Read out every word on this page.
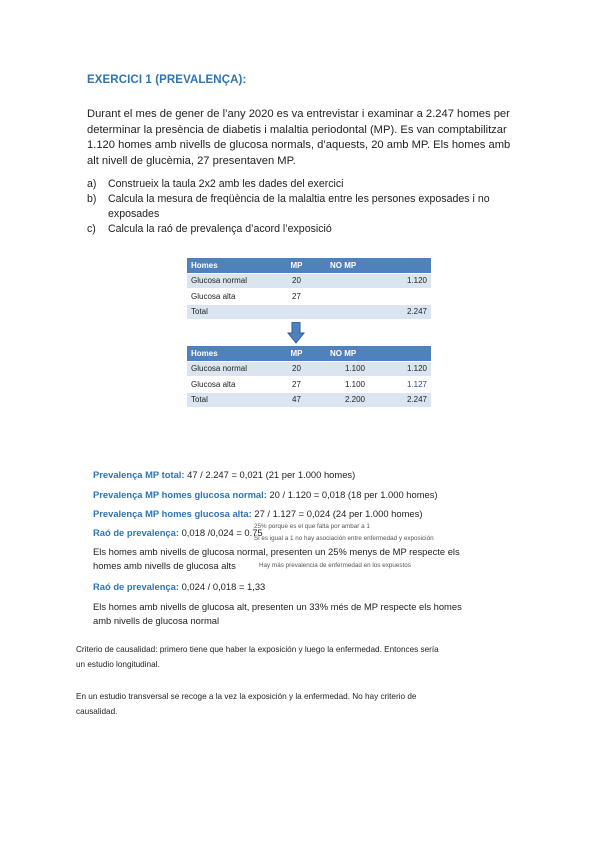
EXERCICI 1 (PREVALENÇA):

Durant el mes de gener de l’any 2020 es va entrevistar i examinar a 2.247 homes per

determinar la presència de diabetis i malaltia periodontal (MP). Es van comptabilitzar

1.120 homes amb nivells de glucosa normals, d’aquests, 20 amb MP. Els homes amb

alt nivell de glucèmia, 27 presentaven MP.

a) Construeix la taula 2x2 amb les dades del exercici
b) Calcula la mesura de freqüència de la malaltia entre les persones exposades i no
exposades
c) Calcula la raó de prevalença d’acord l’exposició
Homes	MP	NO MP	
Glucosa normal	20		1.120
Glucosa alta	27		
Total			2.247
Homes	MP	NO MP	
Glucosa normal	20	1.100	1.120
Glucosa alta	27	1.100	1.127
Total	47	2.200	2.247
Prevalença MP total: 47 / 2.247 = 0,021 (21 per 1.000 homes)
Prevalença MP homes glucosa normal: 20 / 1.120 = 0,018 (18 per 1.000 homes)
Prevalença MP homes glucosa alta: 27 / 1.127 = 0,024 (24 per 1.000 homes)
Raó de prevalença: 0,018 /0,024 = 0.75
25% porque es el que falta por ambar a 1
Si es igual a 1 no hay asociación entre enfermedad y exposición
Els homes amb nivells de glucosa normal, presenten un 25% menys de MP respecte els
homes amb nivells de glucosa alts	Hay más prevalencia de enfermedad en los expuestos
Raó de prevalença: 0,024 / 0,018 = 1,33
Els homes amb nivells de glucosa alt, presenten un 33% més de MP respecte els homes
amb nivells de glucosa normal
Criterio de causalidad: primero tiene que haber la exposición y luego la enfermedad. Entonces sería
un estudio longitudinal.
En un estudio transversal se recoge a la vez la exposición y la enfermedad. No hay criterio de
causalidad.
